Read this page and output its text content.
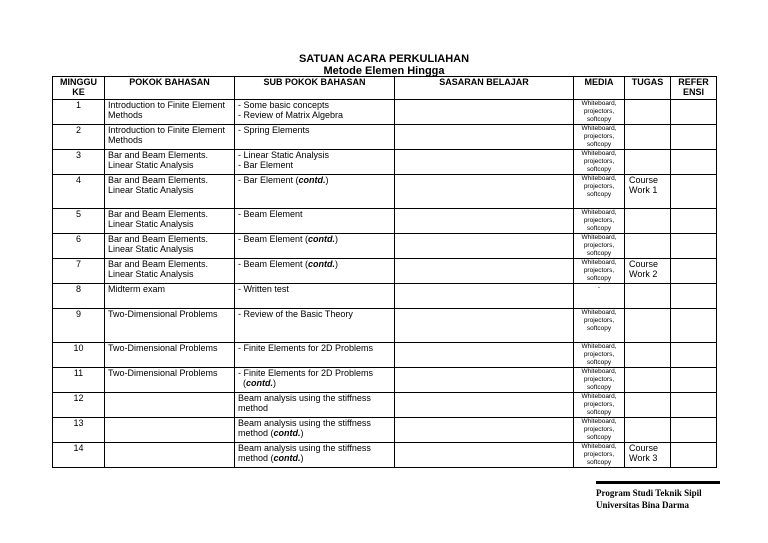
SATUAN ACARA PERKULIAHAN
Metode Elemen Hingga
MINGGU
KE	POKOK BAHASAN	SUB POKOK BAHASAN	SASARAN BELAJAR	MEDIA	TUGAS	REFER
ENSI

1	Introduction to Finite Element
Methods	- Some basic concepts
- Review of Matrix Algebra		Whiteboard,
projectors,
softcopy		

2	Introduction to Finite Element
Methods	- Spring Elements		Whiteboard,
projectors,
softcopy		

3	Bar and Beam Elements.
Linear Static Analysis	- Linear Static Analysis
- Bar Element		Whiteboard,
projectors,
softcopy		

4	Bar and Beam Elements.
Linear Static Analysis	- Bar Element (contd.)		Whiteboard,
projectors,
softcopy	Course
Work 1	

5	Bar and Beam Elements.
Linear Static Analysis	- Beam Element		Whiteboard,
projectors,
softcopy		

6	Bar and Beam Elements.
Linear Static Analysis	- Beam Element (contd.)		Whiteboard,
projectors,
softcopy		

7	Bar and Beam Elements.
Linear Static Analysis	- Beam Element (contd.)		Whiteboard,
projectors,
softcopy	Course
Work 2	

8	Midterm exam	- Written test		-		

9	Two-Dimensional Problems	- Review of the Basic Theory		Whiteboard,
projectors,
softcopy		

10	Two-Dimensional Problems	- Finite Elements for 2D Problems		Whiteboard,
projectors,
softcopy		

11	Two-Dimensional Problems	- Finite Elements for 2D Problems
(contd.)		Whiteboard,
projectors,
softcopy		

12		Beam analysis using the stiffness
method		Whiteboard,
projectors,
softcopy		

13		Beam analysis using the stiffness
method (contd.)		Whiteboard,
projectors,
softcopy		

14		Beam analysis using the stiffness
method (contd.)		Whiteboard,
projectors,
softcopy	Course
Work 3	

Program Studi Teknik Sipil
Universitas Bina Darma
